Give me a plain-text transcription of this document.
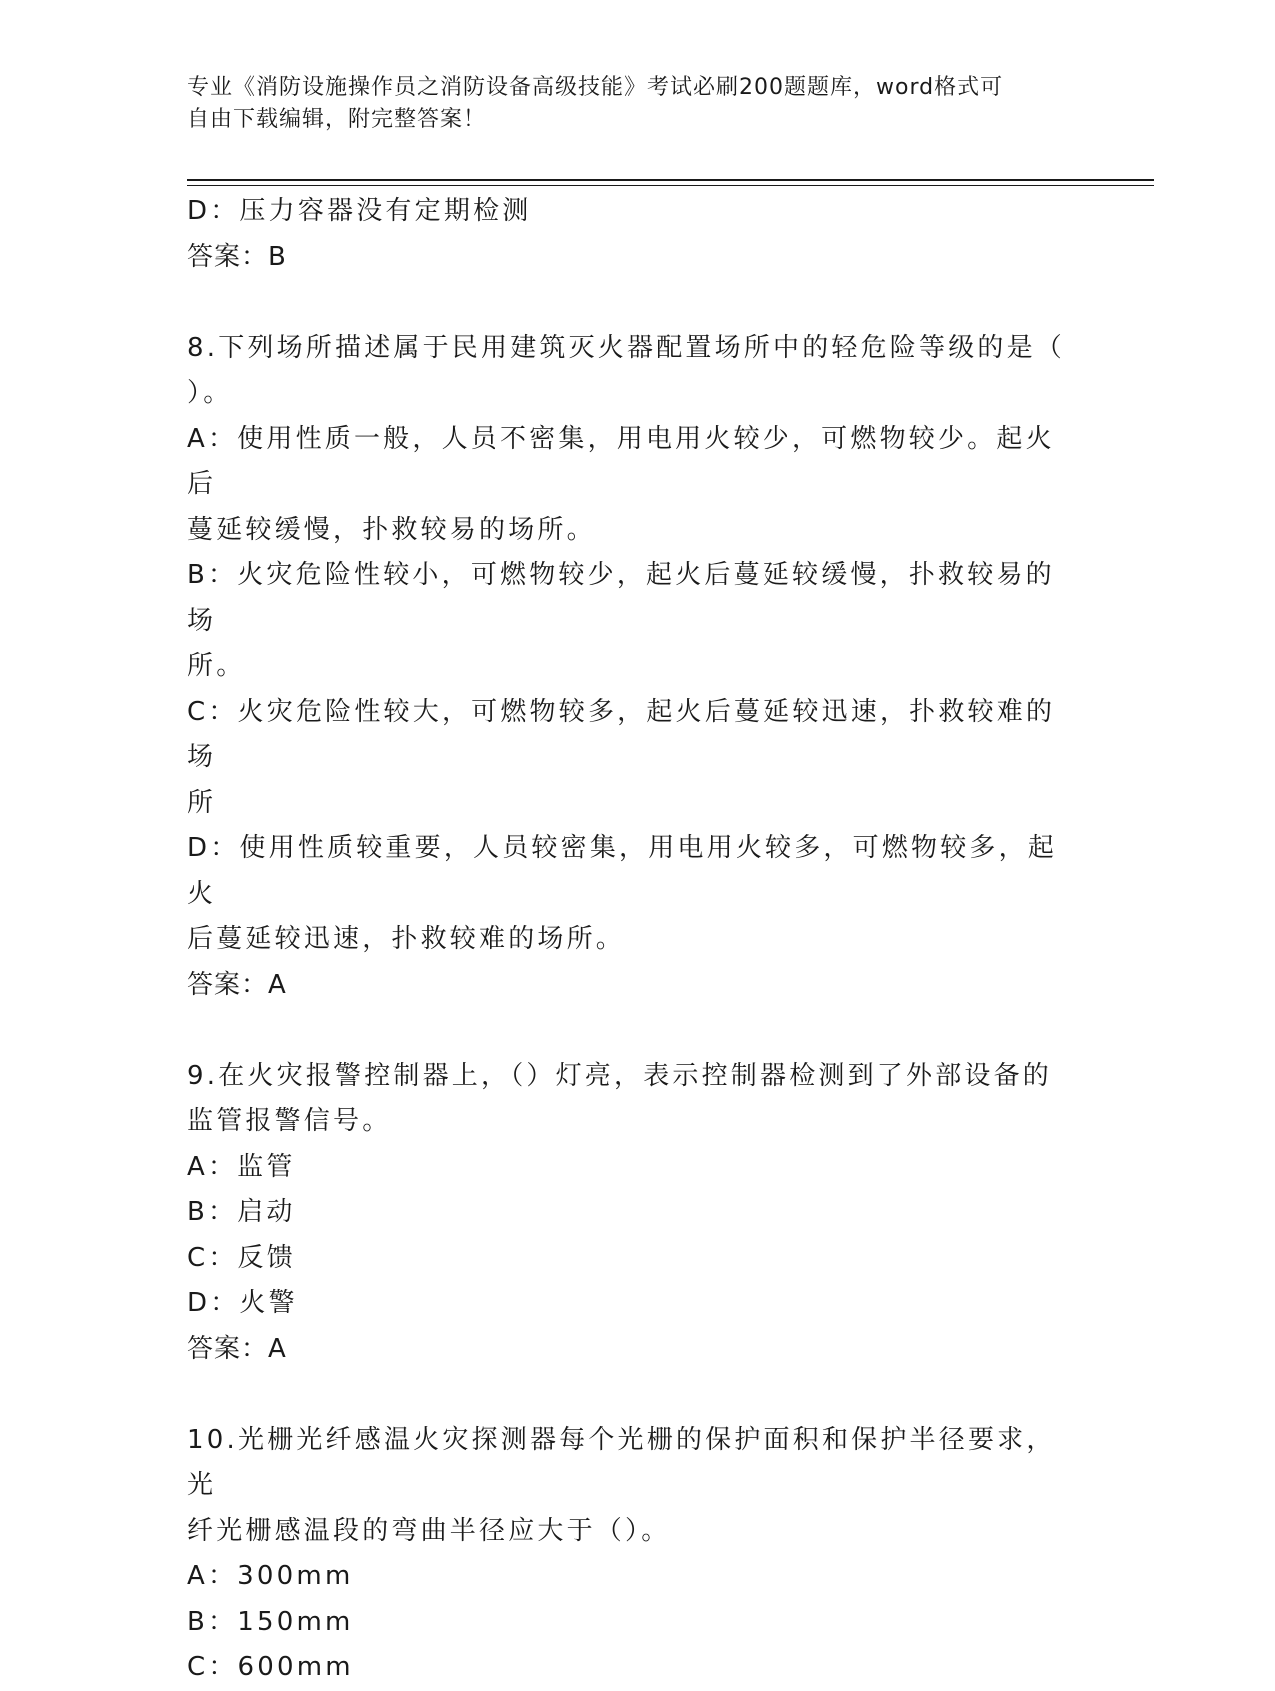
专业《消防设施操作员之消防设备高级技能》考试必刷200题题库，word格式可
自由下载编辑，附完整答案！
D：压力容器没有定期检测
答案：B
8.下列场所描述属于民用建筑灭火器配置场所中的轻危险等级的是（
）。
A：使用性质一般，人员不密集，用电用火较少，可燃物较少。起火后
蔓延较缓慢，扑救较易的场所。
B：火灾危险性较小，可燃物较少，起火后蔓延较缓慢，扑救较易的场
所。
C：火灾危险性较大，可燃物较多，起火后蔓延较迅速，扑救较难的场
所
D：使用性质较重要，人员较密集，用电用火较多，可燃物较多，起火
后蔓延较迅速，扑救较难的场所。
答案：A
9.在火灾报警控制器上，（）灯亮，表示控制器检测到了外部设备的
监管报警信号。
A：监管
B：启动
C：反馈
D：火警
答案：A
10.光栅光纤感温火灾探测器每个光栅的保护面积和保护半径要求，光
纤光栅感温段的弯曲半径应大于（）。
A：300mm
B：150mm
C：600mm
